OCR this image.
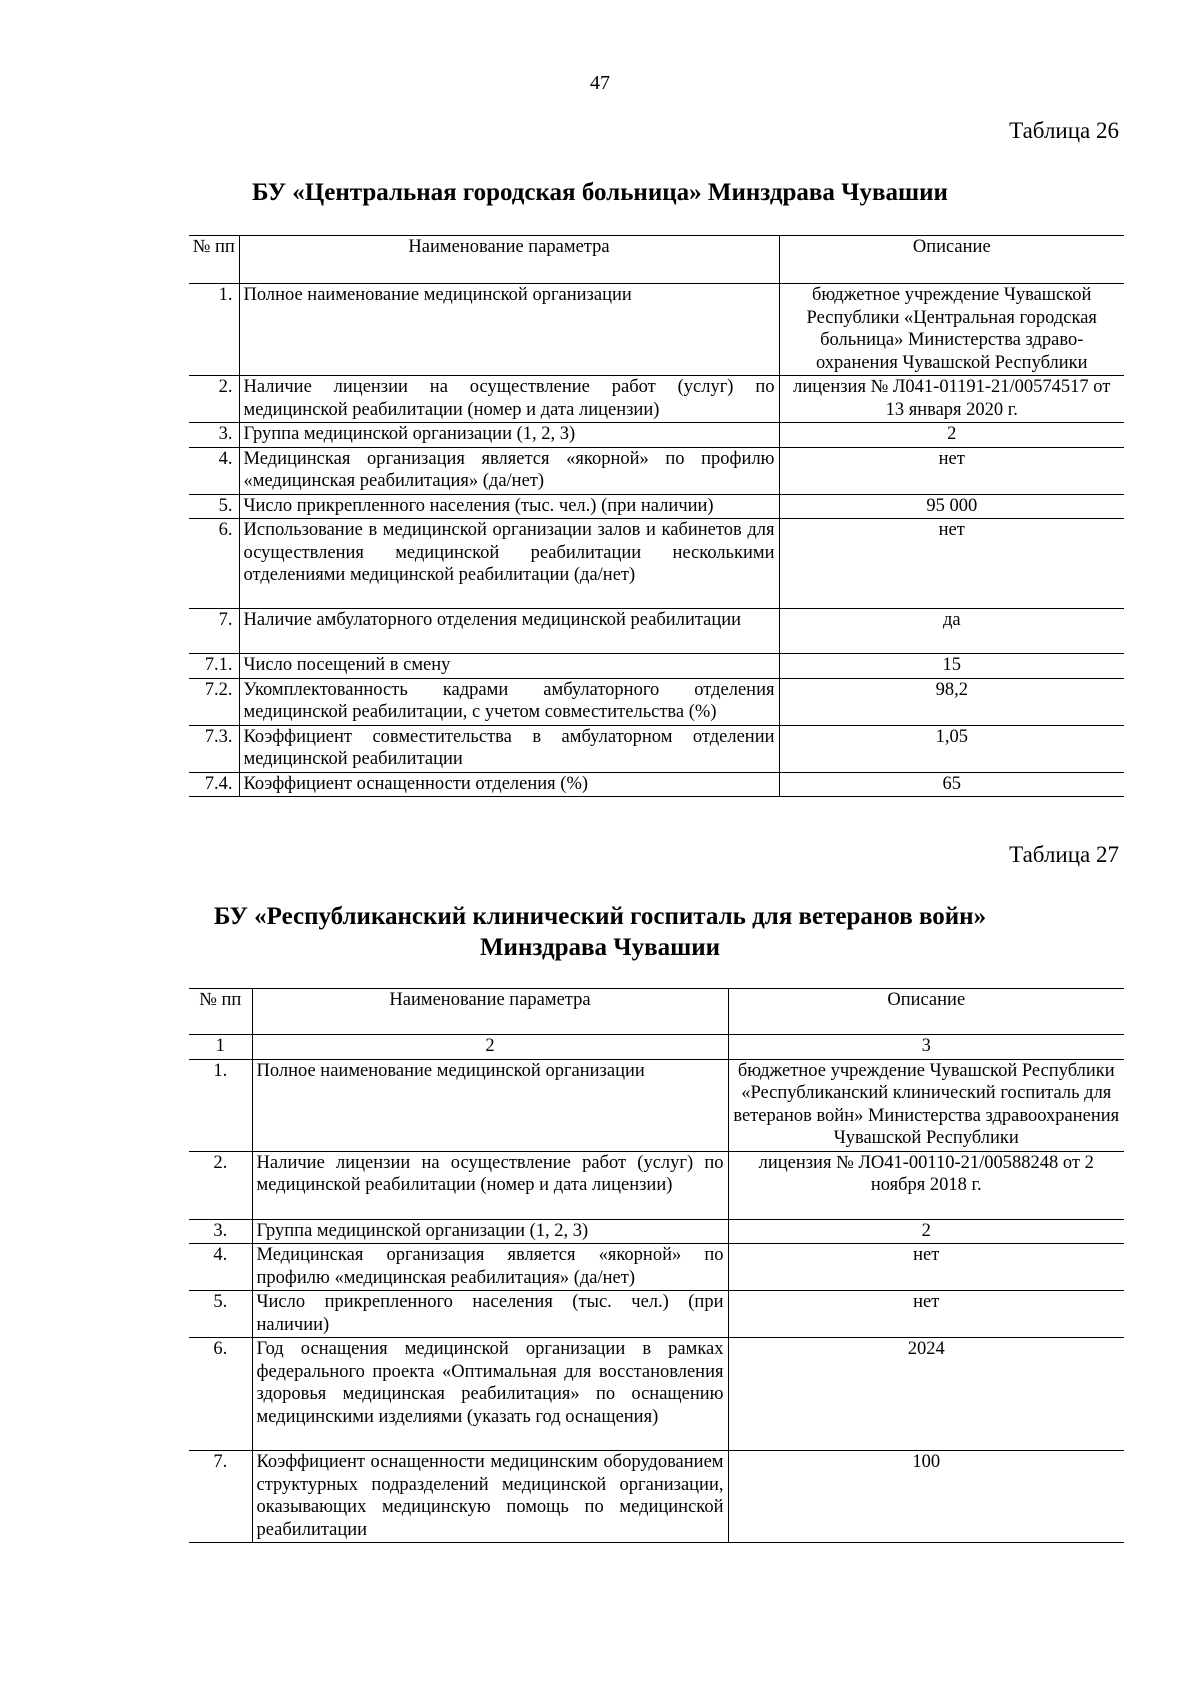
47
Таблица 26
БУ «Центральная городская больница» Минздрава Чувашии
№ пп	Наименование параметра	Описание
1.	Полное наименование медицинской организации	бюджетное учреждение Чувашской Республики «Центральная городская больница» Министерства здраво-охранения Чувашской Республики
2.	Наличие лицензии на осуществление работ (услуг) по медицинской реабилитации (номер и дата лицензии)	лицензия № Л041-01191-21/00574517 от 13 января 2020 г.
3.	Группа медицинской организации (1, 2, 3)	2
4.	Медицинская организация является «якорной» по профилю «медицинская реабилитация» (да/нет)	нет
5.	Число прикрепленного населения (тыс. чел.) (при наличии)	95 000
6.	Использование в медицинской организации залов и кабинетов для осуществления медицинской реабилитации несколькими отделениями медицинской реабилитации (да/нет)	нет
7.	Наличие амбулаторного отделения медицинской реабилитации	да
7.1.	Число посещений в смену	15
7.2.	Укомплектованность кадрами амбулаторного отделения медицинской реабилитации, с учетом совместительства (%)	98,2
7.3.	Коэффициент совместительства в амбулаторном отделении медицинской реабилитации	1,05
7.4.	Коэффициент оснащенности отделения (%)	65
Таблица 27
БУ «Республиканский клинический госпиталь для ветеранов войн»
Минздрава Чувашии
№ пп	Наименование параметра	Описание
1	2	3
1.	Полное наименование медицинской организации	бюджетное учреждение Чувашской Республики «Республиканский клинический госпиталь для ветеранов войн» Министерства здравоохранения Чувашской Республики
2.	Наличие лицензии на осуществление работ (услуг) по медицинской реабилитации (номер и дата лицензии)	лицензия № ЛО41-00110-21/00588248 от 2 ноября 2018 г.
3.	Группа медицинской организации (1, 2, 3)	2
4.	Медицинская организация является «якорной» по профилю «медицинская реабилитация» (да/нет)	нет
5.	Число прикрепленного населения (тыс. чел.) (при наличии)	нет
6.	Год оснащения медицинской организации в рамках федерального проекта «Оптимальная для восстановления здоровья медицинская реабилитация» по оснащению медицинскими изделиями (указать год оснащения)	2024
7.	Коэффициент оснащенности медицинским оборудованием структурных подразделений медицинской организации, оказывающих медицинскую помощь по медицинской реабилитации	100
